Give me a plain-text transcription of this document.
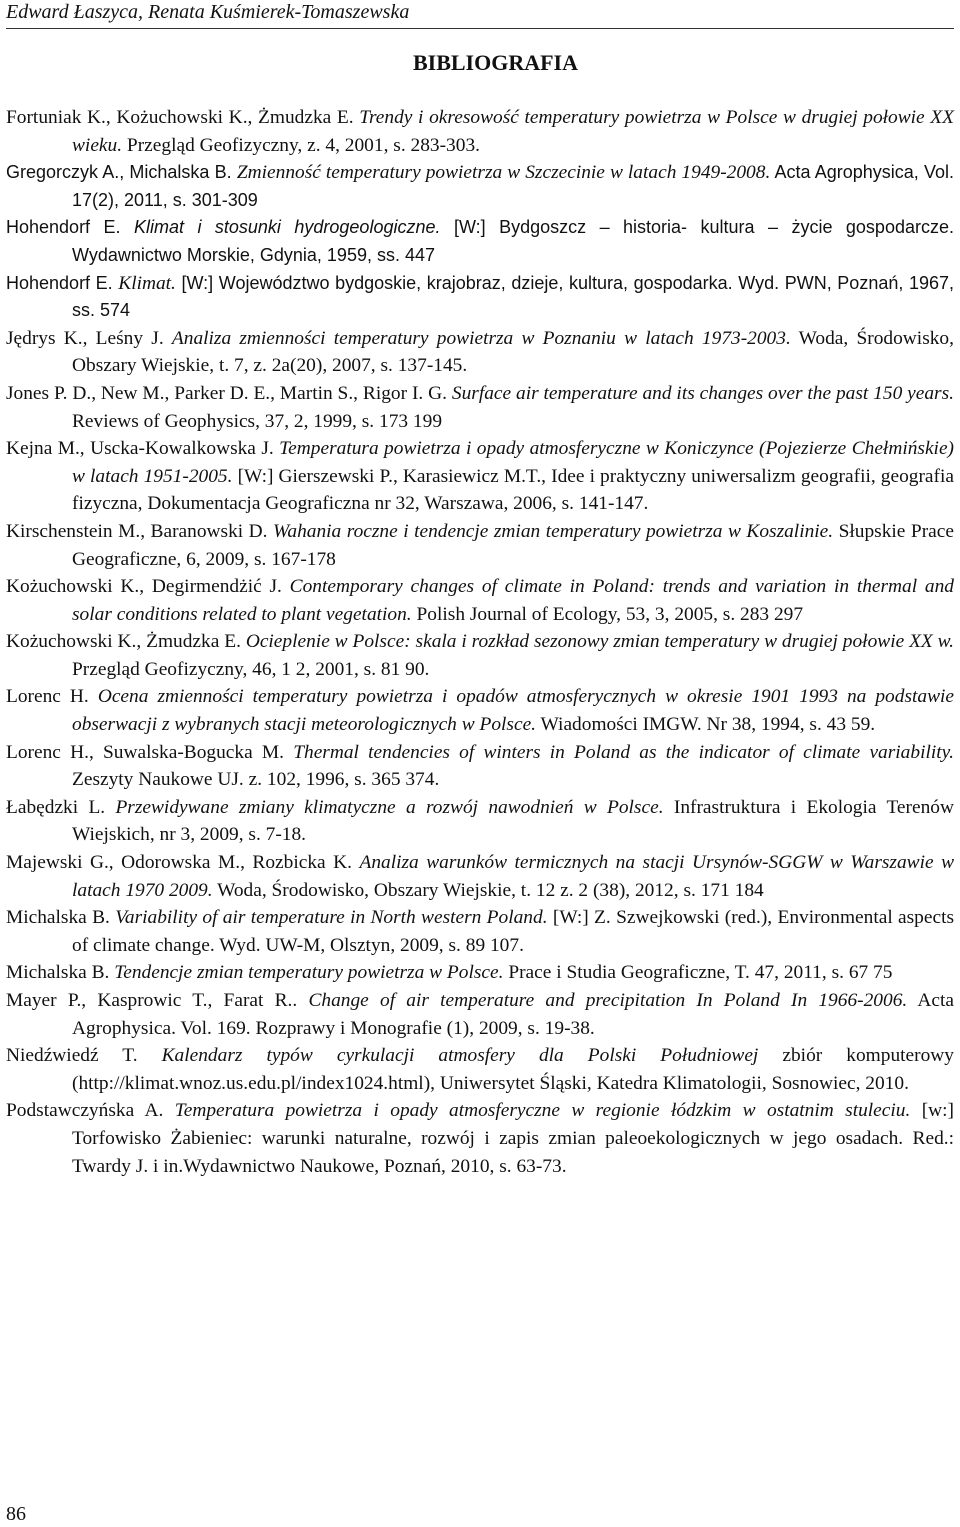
Edward Łaszyca, Renata Kuśmierek-Tomaszewska
BIBLIOGRAFIA
Fortuniak K., Kożuchowski K., Żmudzka E. Trendy i okresowość temperatury powietrza w Polsce w drugiej połowie XX wieku. Przegląd Geofizyczny, z. 4, 2001, s. 283-303.
Gregorczyk A., Michalska B. Zmienność temperatury powietrza w Szczecinie w latach 1949-2008. Acta Agrophysica, Vol. 17(2), 2011, s. 301-309
Hohendorf E. Klimat i stosunki hydrogeologiczne. [W:] Bydgoszcz – historia- kultura – życie gospodarcze. Wydawnictwo Morskie, Gdynia, 1959, ss. 447
Hohendorf E. Klimat. [W:] Województwo bydgoskie, krajobraz, dzieje, kultura, gospodarka. Wyd. PWN, Poznań, 1967, ss. 574
Jędrys K., Leśny J. Analiza zmienności temperatury powietrza w Poznaniu w latach 1973-2003. Woda, Środowisko, Obszary Wiejskie, t. 7, z. 2a(20), 2007, s. 137-145.
Jones P. D., New M., Parker D. E., Martin S., Rigor I. G. Surface air temperature and its changes over the past 150 years. Reviews of Geophysics, 37, 2, 1999, s. 173 199
Kejna M., Uscka-Kowalkowska J. Temperatura powietrza i opady atmosferyczne w Koniczynce (Pojezierze Chełmińskie) w latach 1951-2005. [W:] Gierszewski P., Karasiewicz M.T., Idee i praktyczny uniwersalizm geografii, geografia fizyczna, Dokumentacja Geograficzna nr 32, Warszawa, 2006, s. 141-147.
Kirschenstein M., Baranowski D. Wahania roczne i tendencje zmian temperatury powietrza w Koszalinie. Słupskie Prace Geograficzne, 6, 2009, s. 167-178
Kożuchowski K., Degirmendżić J. Contemporary changes of climate in Poland: trends and variation in thermal and solar conditions related to plant vegetation. Polish Journal of Ecology, 53, 3, 2005, s. 283 297
Kożuchowski K., Żmudzka E. Ocieplenie w Polsce: skala i rozkład sezonowy zmian temperatury w drugiej połowie XX w. Przegląd Geofizyczny, 46, 1 2, 2001, s. 81 90.
Lorenc H. Ocena zmienności temperatury powietrza i opadów atmosferycznych w okresie 1901 1993 na podstawie obserwacji z wybranych stacji meteorologicznych w Polsce. Wiadomości IMGW. Nr 38, 1994, s. 43 59.
Lorenc H., Suwalska-Bogucka M. Thermal tendencies of winters in Poland as the indicator of climate variability. Zeszyty Naukowe UJ. z. 102, 1996, s. 365 374.
Łabędzki L. Przewidywane zmiany klimatyczne a rozwój nawodnień w Polsce. Infrastruktura i Ekologia Terenów Wiejskich, nr 3, 2009, s. 7-18.
Majewski G., Odorowska M., Rozbicka K. Analiza warunków termicznych na stacji Ursynów-SGGW w Warszawie w latach 1970 2009. Woda, Środowisko, Obszary Wiejskie, t. 12 z. 2 (38), 2012, s. 171 184
Michalska B. Variability of air temperature in North western Poland. [W:] Z. Szwejkowski (red.), Environmental aspects of climate change. Wyd. UW-M, Olsztyn, 2009, s. 89 107.
Michalska B. Tendencje zmian temperatury powietrza w Polsce. Prace i Studia Geograficzne, T. 47, 2011, s. 67 75
Mayer P., Kasprowic T., Farat R.. Change of air temperature and precipitation In Poland In 1966-2006. Acta Agrophysica. Vol. 169. Rozprawy i Monografie (1), 2009, s. 19-38.
Niedźwiedź T. Kalendarz typów cyrkulacji atmosfery dla Polski Południowej zbiór komputerowy (http://klimat.wnoz.us.edu.pl/index1024.html), Uniwersytet Śląski, Katedra Klimatologii, Sosnowiec, 2010.
Podstawczyńska A. Temperatura powietrza i opady atmosferyczne w regionie łódzkim w ostatnim stuleciu. [w:] Torfowisko Żabieniec: warunki naturalne, rozwój i zapis zmian paleoekologicznych w jego osadach. Red.: Twardy J. i in.Wydawnictwo Naukowe, Poznań, 2010, s. 63-73.
86
